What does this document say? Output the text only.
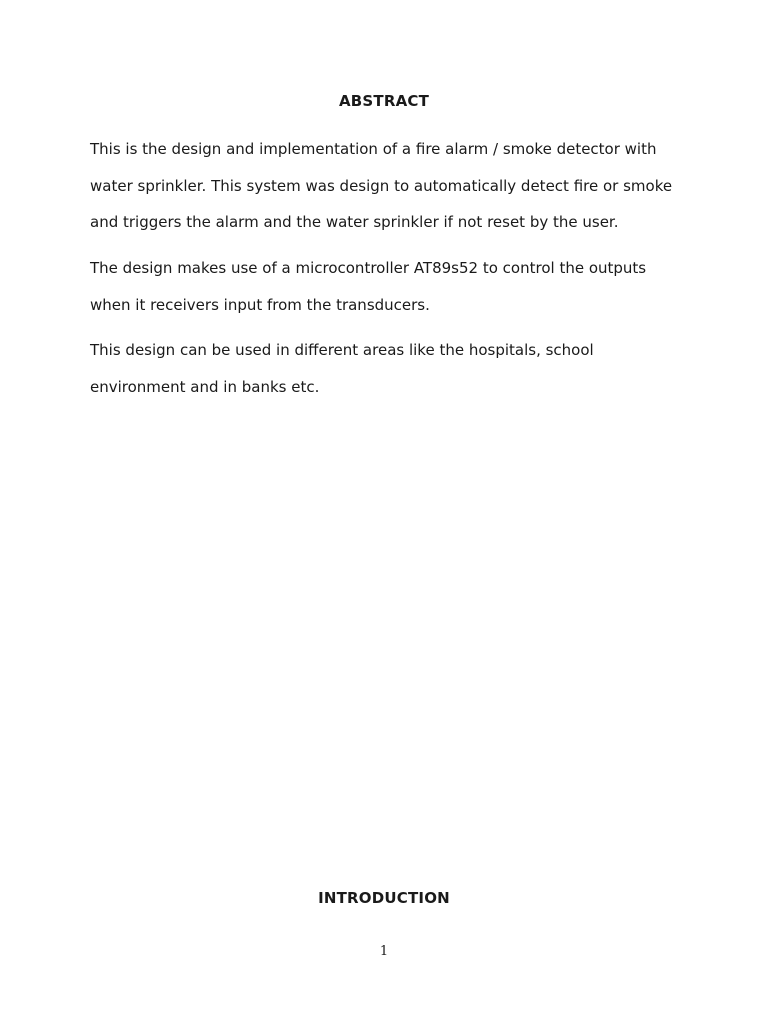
ABSTRACT

This is the design and implementation of a fire alarm / smoke detector with water sprinkler. This system was design to automatically detect fire or smoke and triggers the alarm and the water sprinkler if not reset by the user.

The design makes use of a microcontroller AT89s52 to control the outputs when it receivers input from the transducers.

This design can be used in different areas like the hospitals, school environment and in banks etc.

INTRODUCTION

1
